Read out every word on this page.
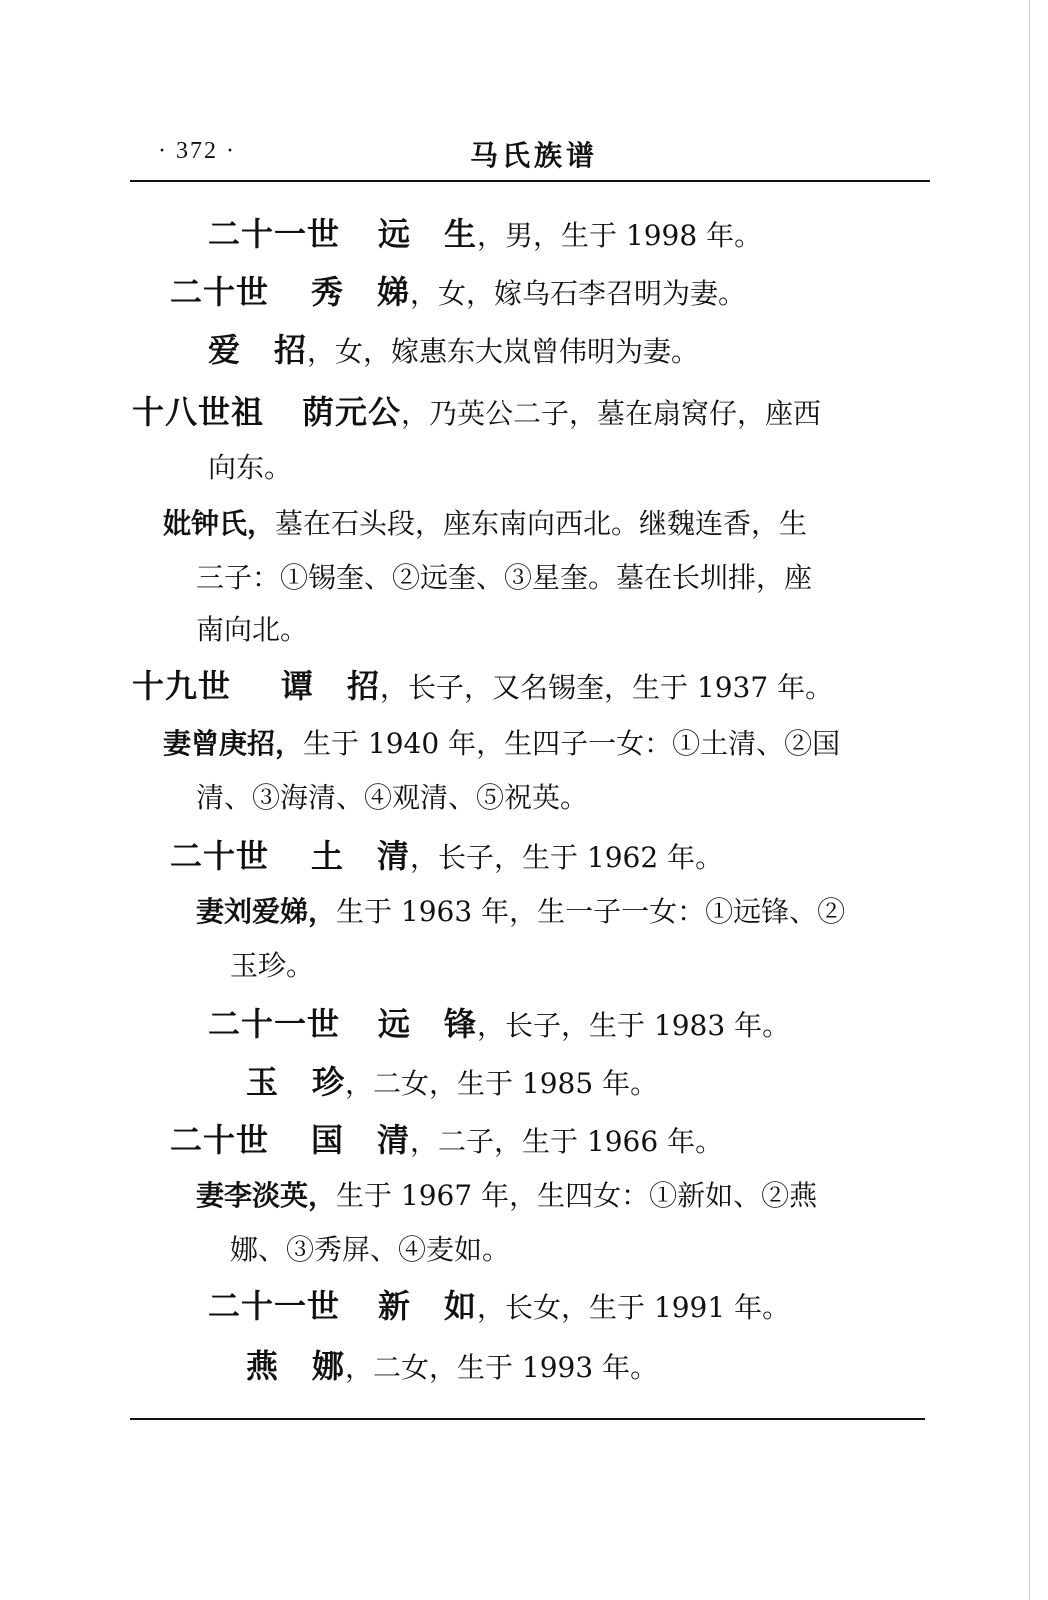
· 372 ·	马氏族谱
二十一世 远　生，男，生于 1998 年。
二十世 秀　娣，女，嫁乌石李召明为妻。
爱　招，女，嫁惠东大岚曾伟明为妻。
十八世祖 荫元公，乃英公二子，墓在扇窝仔，座西
向东。
妣钟氏，墓在石头段，座东南向西北。继魏连香，生
三子：①锡奎、②远奎、③星奎。墓在长圳排，座
南向北。
十九世 谭　招，长子，又名锡奎，生于 1937 年。
妻曾庚招，生于 1940 年，生四子一女：①土清、②国
清、③海清、④观清、⑤祝英。
二十世 土　清，长子，生于 1962 年。
妻刘爱娣，生于 1963 年，生一子一女：①远锋、②
玉珍。
二十一世 远　锋，长子，生于 1983 年。
玉　珍，二女，生于 1985 年。
二十世 国　清，二子，生于 1966 年。
妻李淡英，生于 1967 年，生四女：①新如、②燕
娜、③秀屏、④麦如。
二十一世 新　如，长女，生于 1991 年。
燕　娜，二女，生于 1993 年。
